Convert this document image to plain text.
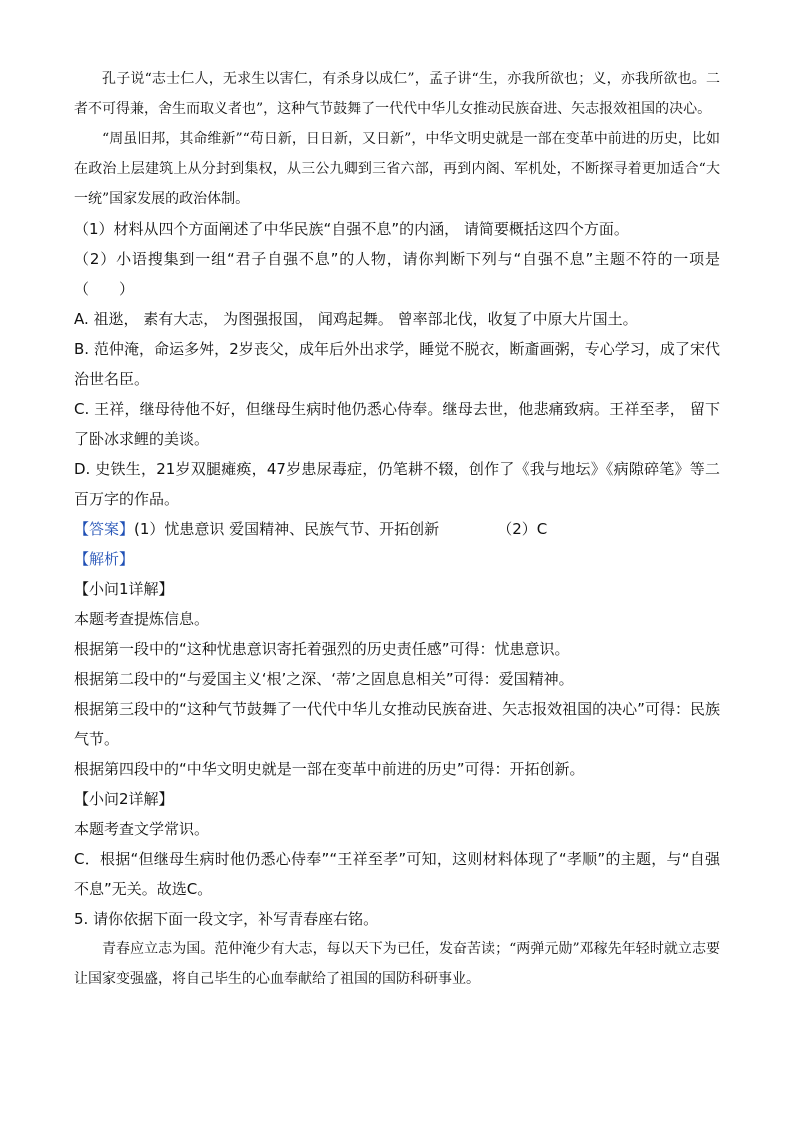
孔子说“志士仁人，无求生以害仁，有杀身以成仁”，孟子讲“生，亦我所欲也；义，亦我所欲也。二者不可得兼，舍生而取义者也”，这种气节鼓舞了一代代中华儿女推动民族奋进、矢志报效祖国的决心。

“周虽旧邦，其命维新”“苟日新，日日新，又日新”，中华文明史就是一部在变革中前进的历史，比如在政治上层建筑上从分封到集权，从三公九卿到三省六部，再到内阁、军机处，不断探寻着更加适合“大一统”国家发展的政治体制。

（1）材料从四个方面阐述了中华民族“自强不息”的内涵， 请简要概括这四个方面。

（2）小语搜集到一组“君子自强不息”的人物，请你判断下列与“自强不息”主题不符的一项是（　　）

A. 祖逖， 素有大志， 为图强报国， 闻鸡起舞。 曾率部北伐，收复了中原大片国土。

B. 范仲淹，命运多舛，2岁丧父，成年后外出求学，睡觉不脱衣，断齑画粥，专心学习，成了宋代治世名臣。

C. 王祥，继母待他不好，但继母生病时他仍悉心侍奉。继母去世，他悲痛致病。王祥至孝， 留下了卧冰求鲤的美谈。

D. 史铁生，21岁双腿瘫痪，47岁患尿毒症，仍笔耕不辍，创作了《我与地坛》《病隙碎笔》等二百万字的作品。

【答案】(1）忧患意识 爱国精神、民族气节、开拓创新	（2）C

【解析】

【小问1详解】

本题考查提炼信息。

根据第一段中的“这种忧患意识寄托着强烈的历史责任感”可得：忧患意识。

根据第二段中的“与爱国主义‘根’之深、‘蒂’之固息息相关”可得：爱国精神。

根据第三段中的“这种气节鼓舞了一代代中华儿女推动民族奋进、矢志报效祖国的决心”可得：民族气节。

根据第四段中的“中华文明史就是一部在变革中前进的历史”可得：开拓创新。

【小问2详解】

本题考查文学常识。

C．根据“但继母生病时他仍悉心侍奉”“王祥至孝”可知，这则材料体现了“孝顺”的主题，与“自强不息”无关。故选C。

5. 请你依据下面一段文字，补写青春座右铭。

青春应立志为国。范仲淹少有大志，每以天下为已任，发奋苦读；“两弹元勋”邓稼先年轻时就立志要让国家变强盛，将自己毕生的心血奉献给了祖国的国防科研事业。
